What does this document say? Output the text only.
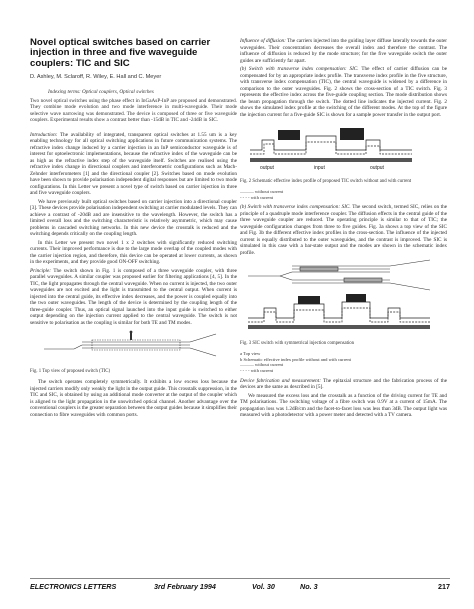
Novel optical switches based on carrier injection in three and five waveguide couplers: TIC and SIC

D. Ashley, M. Sclaroff, R. Wiley, E. Hall and C. Meyer

Indexing terms: Optical couplers, Optical switches

Two novel optical switches using the phase effect in InGaAsP-InP are proposed and demonstrated. They combine mode evolution and two mode interference in multi-waveguide. Their mode selective wave narrowing was demonstrated. The device is composed of three or five waveguide couplers. Experimental results show a contrast better than -15dB in TIC and -24dB in SIC.

Introduction: The availability of integrated, transparent optical switches at 1.55 um is a key enabling technology for all optical switching applications in future communication systems. The refractive index change induced by a carrier injection in an InP semiconductor waveguide is of interest for optoelectronic implementations, because the refractive index of the waveguide can be as high as the refractive index step of the waveguide itself. Switches are realised using the refractive index change in directional couplers and interferometric configurations such as Mach-Zehnder interferometers [1] and the directional coupler [2]. Switches based on mode evolution have been shown to provide polarisation independent digital responses but are limited to two mode configurations. In this Letter we present a novel type of switch based on carrier injection in three and five waveguide couplers.

We have previously built optical switches based on carrier injection into a directional coupler [3]. These devices provide polarisation independent switching at carrier modulated levels. They can achieve a contrast of -20dB and are insensitive to the wavelength. However, the switch has a limited overall loss and the switching characteristic is relatively asymmetric, which may cause problems in cascaded switching networks. In this new device the crosstalk is reduced and the switching depends critically on the coupling length.

In this Letter we present two novel 1 x 2 switches with significantly reduced switching currents. Their improved performance is due to the large mode overlap of the coupled modes with the carrier injection region, and therefore, this device can be operated at lower currents, as shown in the experiments, and they provide good ON-OFF switching.

Principle: The switch shown in Fig. 1 is composed of a three waveguide coupler, with three parallel waveguides. A similar coupler was proposed earlier for filtering applications [4, 5]. In the TIC, the light propagates through the central waveguide. When no current is injected, the two outer waveguides are not excited and the light is transmitted to the central output. When current is injected into the central guide, its effective index decreases, and the power is coupled equally into the two outer waveguides. The length of the device is determined by the coupling length of the three-guide coupler. Thus, an optical signal launched into the input guide is switched to either output depending on the injection current applied to the central waveguide. The switch is not sensitive to polarisation as the coupling is similar for both TE and TM modes.

Fig. 1 Top view of proposed switch (TIC)

The switch operates completely symmetrically. It exhibits a low excess loss because the injected carriers modify only weakly the light in the output guide. This crosstalk suppression, in the TIC and SIC, is obtained by using an additional mode converter at the output of the coupler which is aligned to the light propagation in the unswitched optical channel. Another advantage over the conventional couplers is the greater separation between the output guides because it simplifies their connection to fibre waveguides with common ports.

Influence of diffusion: The carriers injected into the guiding layer diffuse laterally towards the outer waveguides. Their concentration decreases the overall index and therefore the contrast. The influence of diffusion is reduced by the mode structure; for the five waveguide switch the outer guides are sufficiently far apart.

(b) Switch with transverse index compensation: SIC. The effect of carrier diffusion can be compensated for by an appropriate index profile. The transverse index profile in the five structure, with transverse index compensation (TIC), the central waveguide is widened by a difference in comparison to the outer waveguides. Fig. 2 shows the cross-section of a TIC switch. Fig. 3 represents the effective index across the five-guide coupling section. The mode distribution shows the beam propagation through the switch. The dotted line indicates the injected current. Fig. 2 shows the simulated index profile at the switching of the different modes. At the top of the figure the injection current for a five-guide SIC is shown for a sample power transfer in the output port.

output	input	output

Fig. 2 Schematic effective index profile of proposed TIC switch without and with current

——— without current

- - - - with current

(b) Switch with transverse index compensation: SIC. The second switch, termed SIC, relies on the principle of a quadruple mode interference coupler. The diffusion effects in the central guide of the three waveguide coupler are reduced. The operating principle is similar to that of TIC; the waveguide configuration changes from three to five guides. Fig. 3a shows a top view of the SIC and Fig. 3b the different effective index profiles in the cross-section. The influence of the injected current is equally distributed to the outer waveguides, and the contrast is improved. The SIC is simulated in this case with a bar-state output and the modes are shown in the schematic index profile.

Fig. 3 SIC switch with symmetrical injection compensation

a Top view

b Schematic effective index profile without and with current

——— without current

- - - - with current

Device fabrication and measurement: The epitaxial structure and the fabrication process of the devices are the same as described in [5].

We measured the excess loss and the crosstalk as a function of the driving current for TE and TM polarisations. The switching voltage of a fibre switch was 0.9V at a current of 15mA. The propagation loss was 1.2dB/cm and the facet-to-facet loss was less than 3dB. The output light was measured with a photodetector with a power meter and detected with a TV camera.

ELECTRONICS LETTERS	3rd February 1994	Vol. 30	No. 3	217
